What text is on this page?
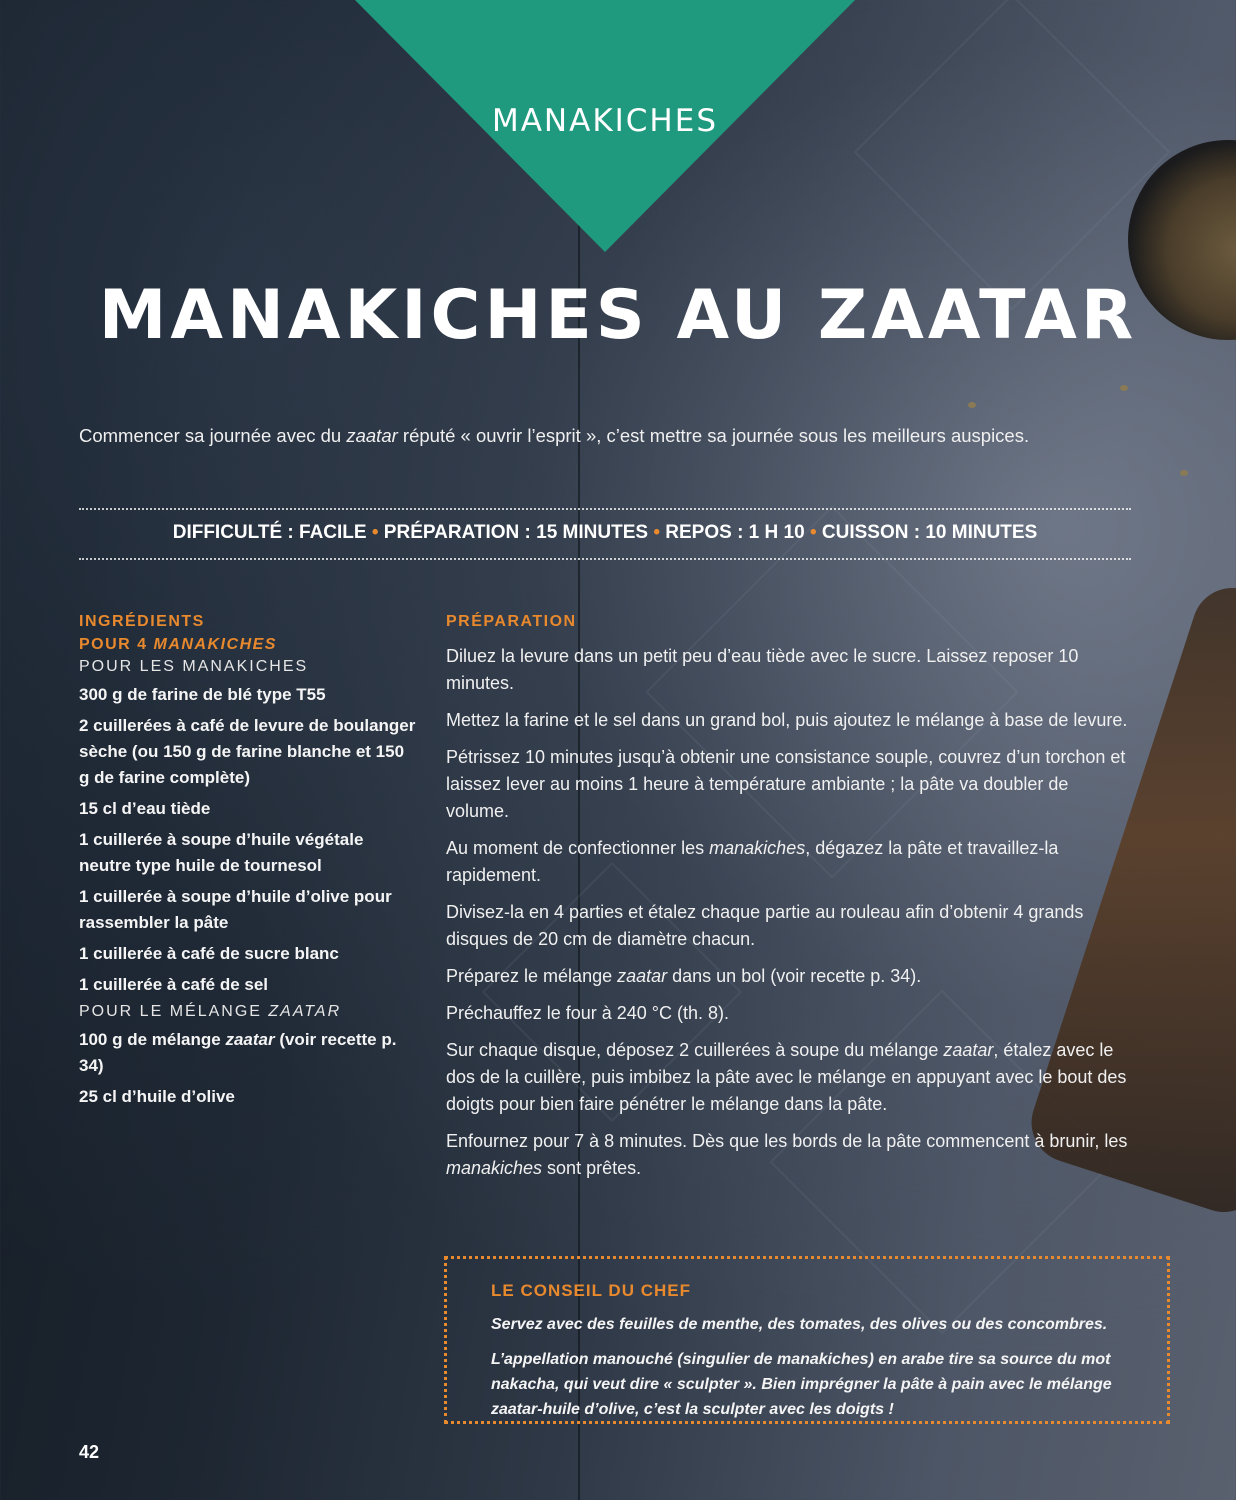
MANAKICHES
MANAKICHES AU ZAATAR
Commencer sa journée avec du zaatar réputé « ouvrir l’esprit », c’est mettre sa journée sous les meilleurs auspices.
DIFFICULTÉ : FACILE • PRÉPARATION : 15 MINUTES • REPOS : 1 H 10 • CUISSON : 10 MINUTES
INGRÉDIENTS
POUR 4 MANAKICHES
POUR LES MANAKICHES
300 g de farine de blé type T55
2 cuillerées à café de levure de boulanger sèche (ou 150 g de farine blanche et 150 g de farine complète)
15 cl d’eau tiède
1 cuillerée à soupe d’huile végétale neutre type huile de tournesol
1 cuillerée à soupe d’huile d’olive pour rassembler la pâte
1 cuillerée à café de sucre blanc
1 cuillerée à café de sel
POUR LE MÉLANGE ZAATAR
100 g de mélange zaatar (voir recette p. 34)
25 cl d’huile d’olive
PRÉPARATION

Diluez la levure dans un petit peu d’eau tiède avec le sucre. Laissez reposer 10 minutes.

Mettez la farine et le sel dans un grand bol, puis ajoutez le mélange à base de levure.

Pétrissez 10 minutes jusqu’à obtenir une consistance souple, couvrez d’un torchon et laissez lever au moins 1 heure à température ambiante ; la pâte va doubler de volume.

Au moment de confectionner les manakiches, dégazez la pâte et travaillez-la rapidement.

Divisez-la en 4 parties et étalez chaque partie au rouleau afin d’obtenir 4 grands disques de 20 cm de diamètre chacun.

Préparez le mélange zaatar dans un bol (voir recette p. 34).

Préchauffez le four à 240 °C (th. 8).

Sur chaque disque, déposez 2 cuillerées à soupe du mélange zaatar, étalez avec le dos de la cuillère, puis imbibez la pâte avec le mélange en appuyant avec le bout des doigts pour bien faire pénétrer le mélange dans la pâte.

Enfournez pour 7 à 8 minutes. Dès que les bords de la pâte commencent à brunir, les manakiches sont prêtes.

LE CONSEIL DU CHEF

Servez avec des feuilles de menthe, des tomates, des olives ou des concombres.

L’appellation manouché (singulier de manakiches) en arabe tire sa source du mot nakacha, qui veut dire « sculpter ». Bien imprégner la pâte à pain avec le mélange zaatar-huile d’olive, c’est la sculpter avec les doigts !

42
